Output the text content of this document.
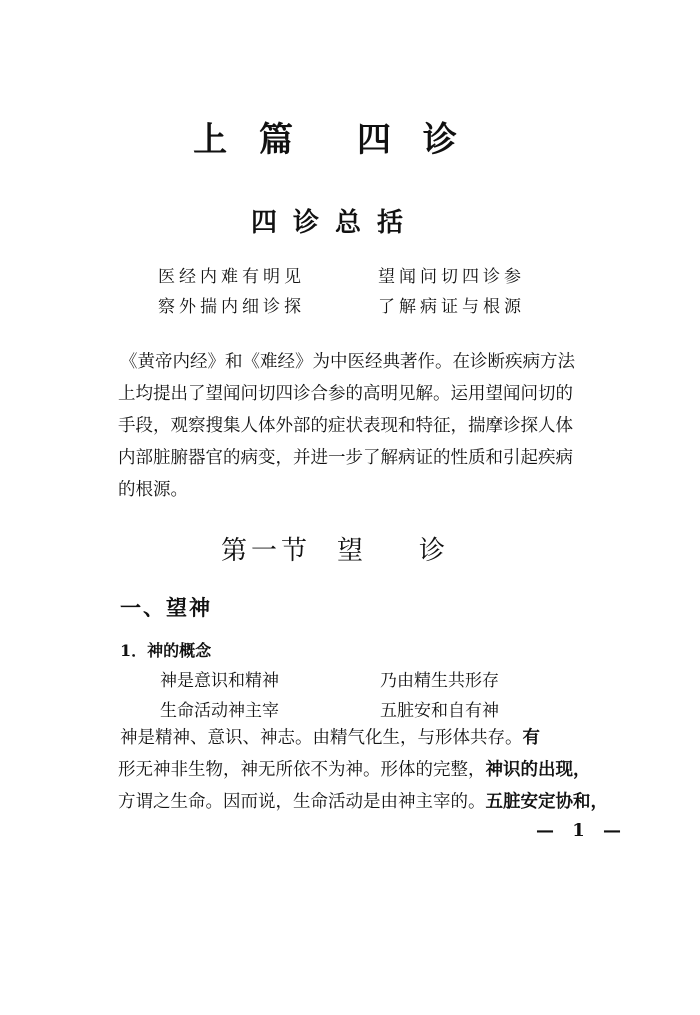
上 篇 四 诊
四诊总括
医经内难有明见	望闻问切四诊参
察外揣内细诊探	了解病证与根源
《黄帝内经》和《难经》为中医经典著作。在诊断疾病方法
上均提出了望闻问切四诊合参的高明见解。运用望闻问切的
手段，观察搜集人体外部的症状表现和特征，揣摩诊探人体
内部脏腑器官的病变，并进一步了解病证的性质和引起疾病
的根源。
第一节 望 诊
一、望神
1．神的概念
神是意识和精神	乃由精生共形存
生命活动神主宰	五脏安和自有神
神是精神、意识、神志。由精气化生，与形体共存。有
形无神非生物，神无所依不为神。形体的完整，神识的出现，
方谓之生命。因而说，生命活动是由神主宰的。五脏安定协和，
— 1 —
